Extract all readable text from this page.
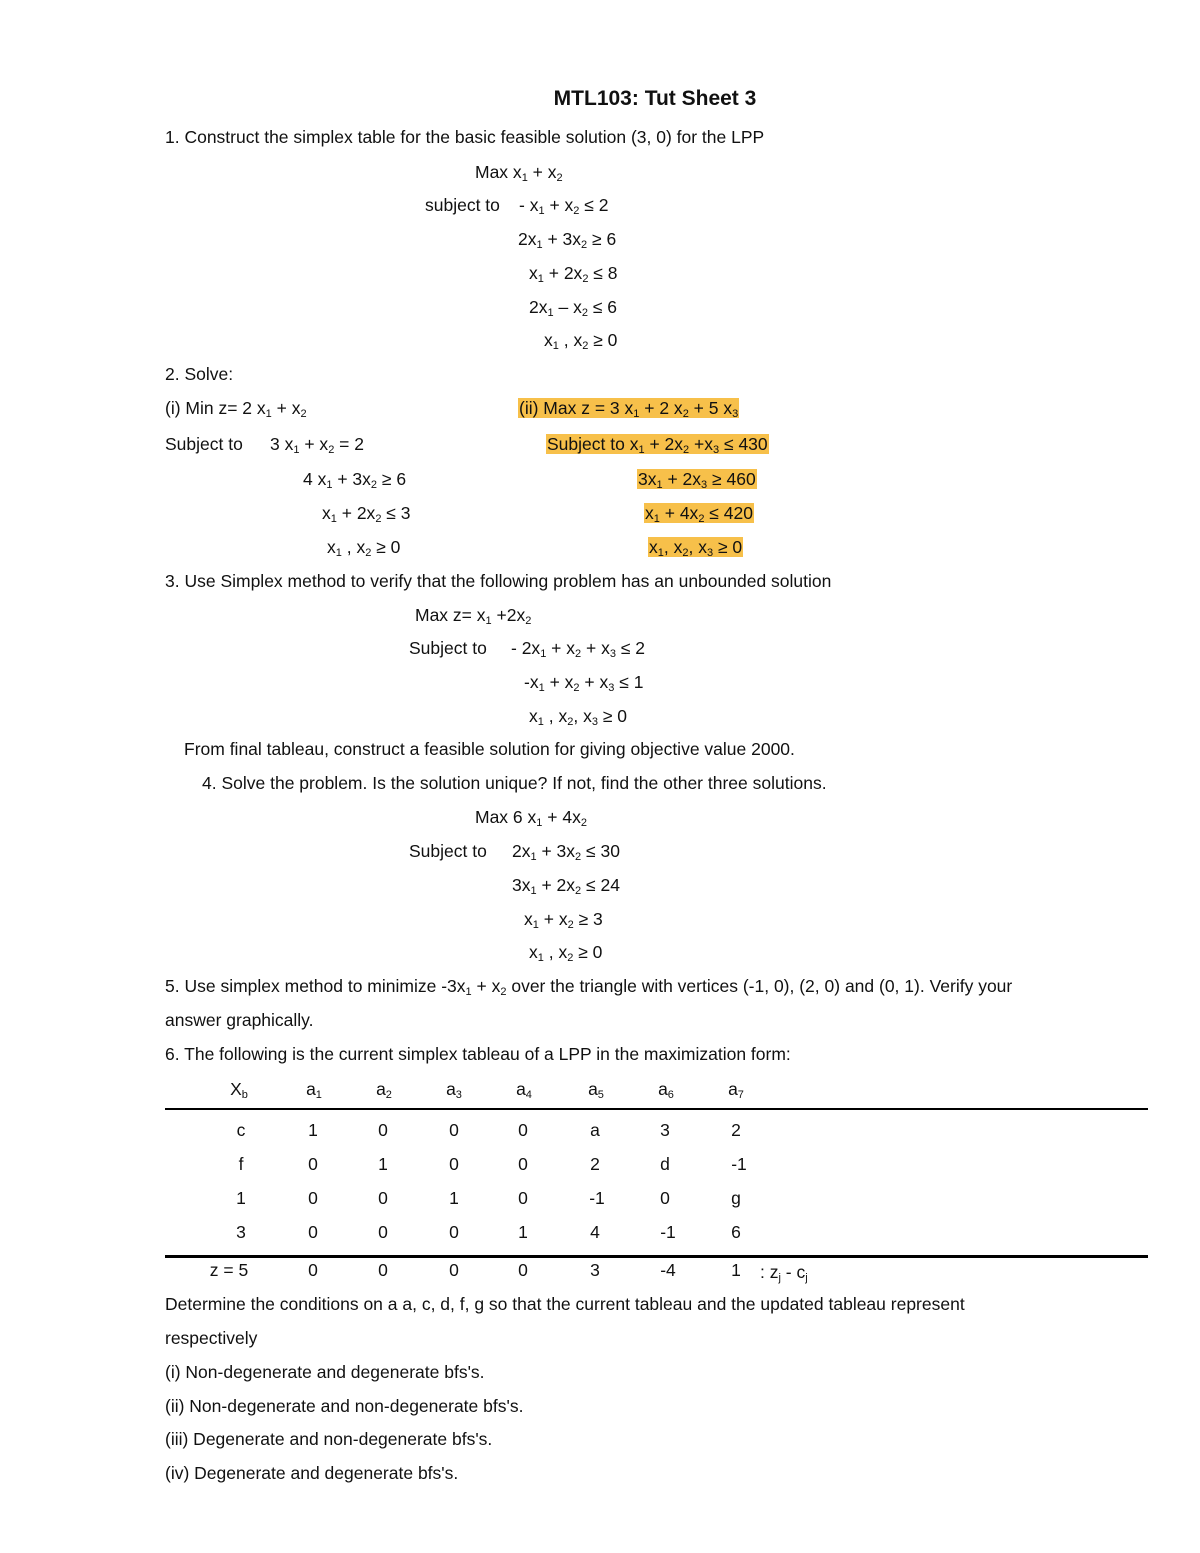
MTL103: Tut Sheet 3
1. Construct the simplex table for the basic feasible solution (3, 0) for the LPP
Max $x_1 + x_2$
subject to - $x_1 + x_2 \le 2$
$2x_1 + 3x_2 \ge 6$
$x_1 + 2x_2 \le 8$
$2x_1 - x_2 \le 6$
$x_1$ , $x_2 \ge 0$
2. Solve:
(i) Min z= 2 $x_1 + x_2$
Subject to 3 $x_1 + x_2 = 2$
4 $x_1 + 3x_2 \ge 6$
$x_1 + 2x_2 \le 3$
$x_1$ , $x_2 \ge 0$
(ii) Max z = 3 $x_1 + 2$ $x_2 + 5$ $x_3$
Subject to $x_1 + 2x_2 +x_3 \le 430$
$3x_1 + 2x_3 \ge 460$
$x_1 + 4x_2 \le 420$
$x_1$, $x_2$, $x_3 \ge 0$
3. Use Simplex method to verify that the following problem has an unbounded solution
Max $z= x_1 +2x_2$
Subject to - $2x_1 + x_2 + x_3 \le 2$
$-x_1 + x_2 + x_3 \le 1$
$x_1$ , $x_2$, $x_3 \ge 0$
From final tableau, construct a feasible solution for giving objective value 2000.
4. Solve the problem. Is the solution unique? If not, find the other three solutions.
Max 6 $x_1 + 4x_2$
Subject to $2x_1 + 3x_2 \le 30$
$3x_1 + 2x_2 \le 24$
$x_1 + x_2 \ge 3$
$x_1$ , $x_2 \ge 0$
5. Use simplex method to minimize $-3x_1 + x_2$ over the triangle with vertices (-1, 0), (2, 0) and (0, 1). Verify your
answer graphically.
6. The following is the current simplex tableau of a LPP in the maximization form:
$X_b$	$a_1$	$a_2$	$a_3$	$a_4$	$a_5$	$a_6$	$a_7$
c	1	0	0	0	a	3	2
f	0	1	0	0	2	d	-1
1	0	0	1	0	-1	0	g
3	0	0	0	1	4	-1	6
z = 5	0	0	0	0	3	-4	1	: $z_j - c_j$
Determine the conditions on a a, c, d, f, g so that the current tableau and the updated tableau represent
respectively
(i) Non-degenerate and degenerate bfs's.
(ii) Non-degenerate and non-degenerate bfs's.
(iii) Degenerate and non-degenerate bfs's.
(iv) Degenerate and degenerate bfs's.
